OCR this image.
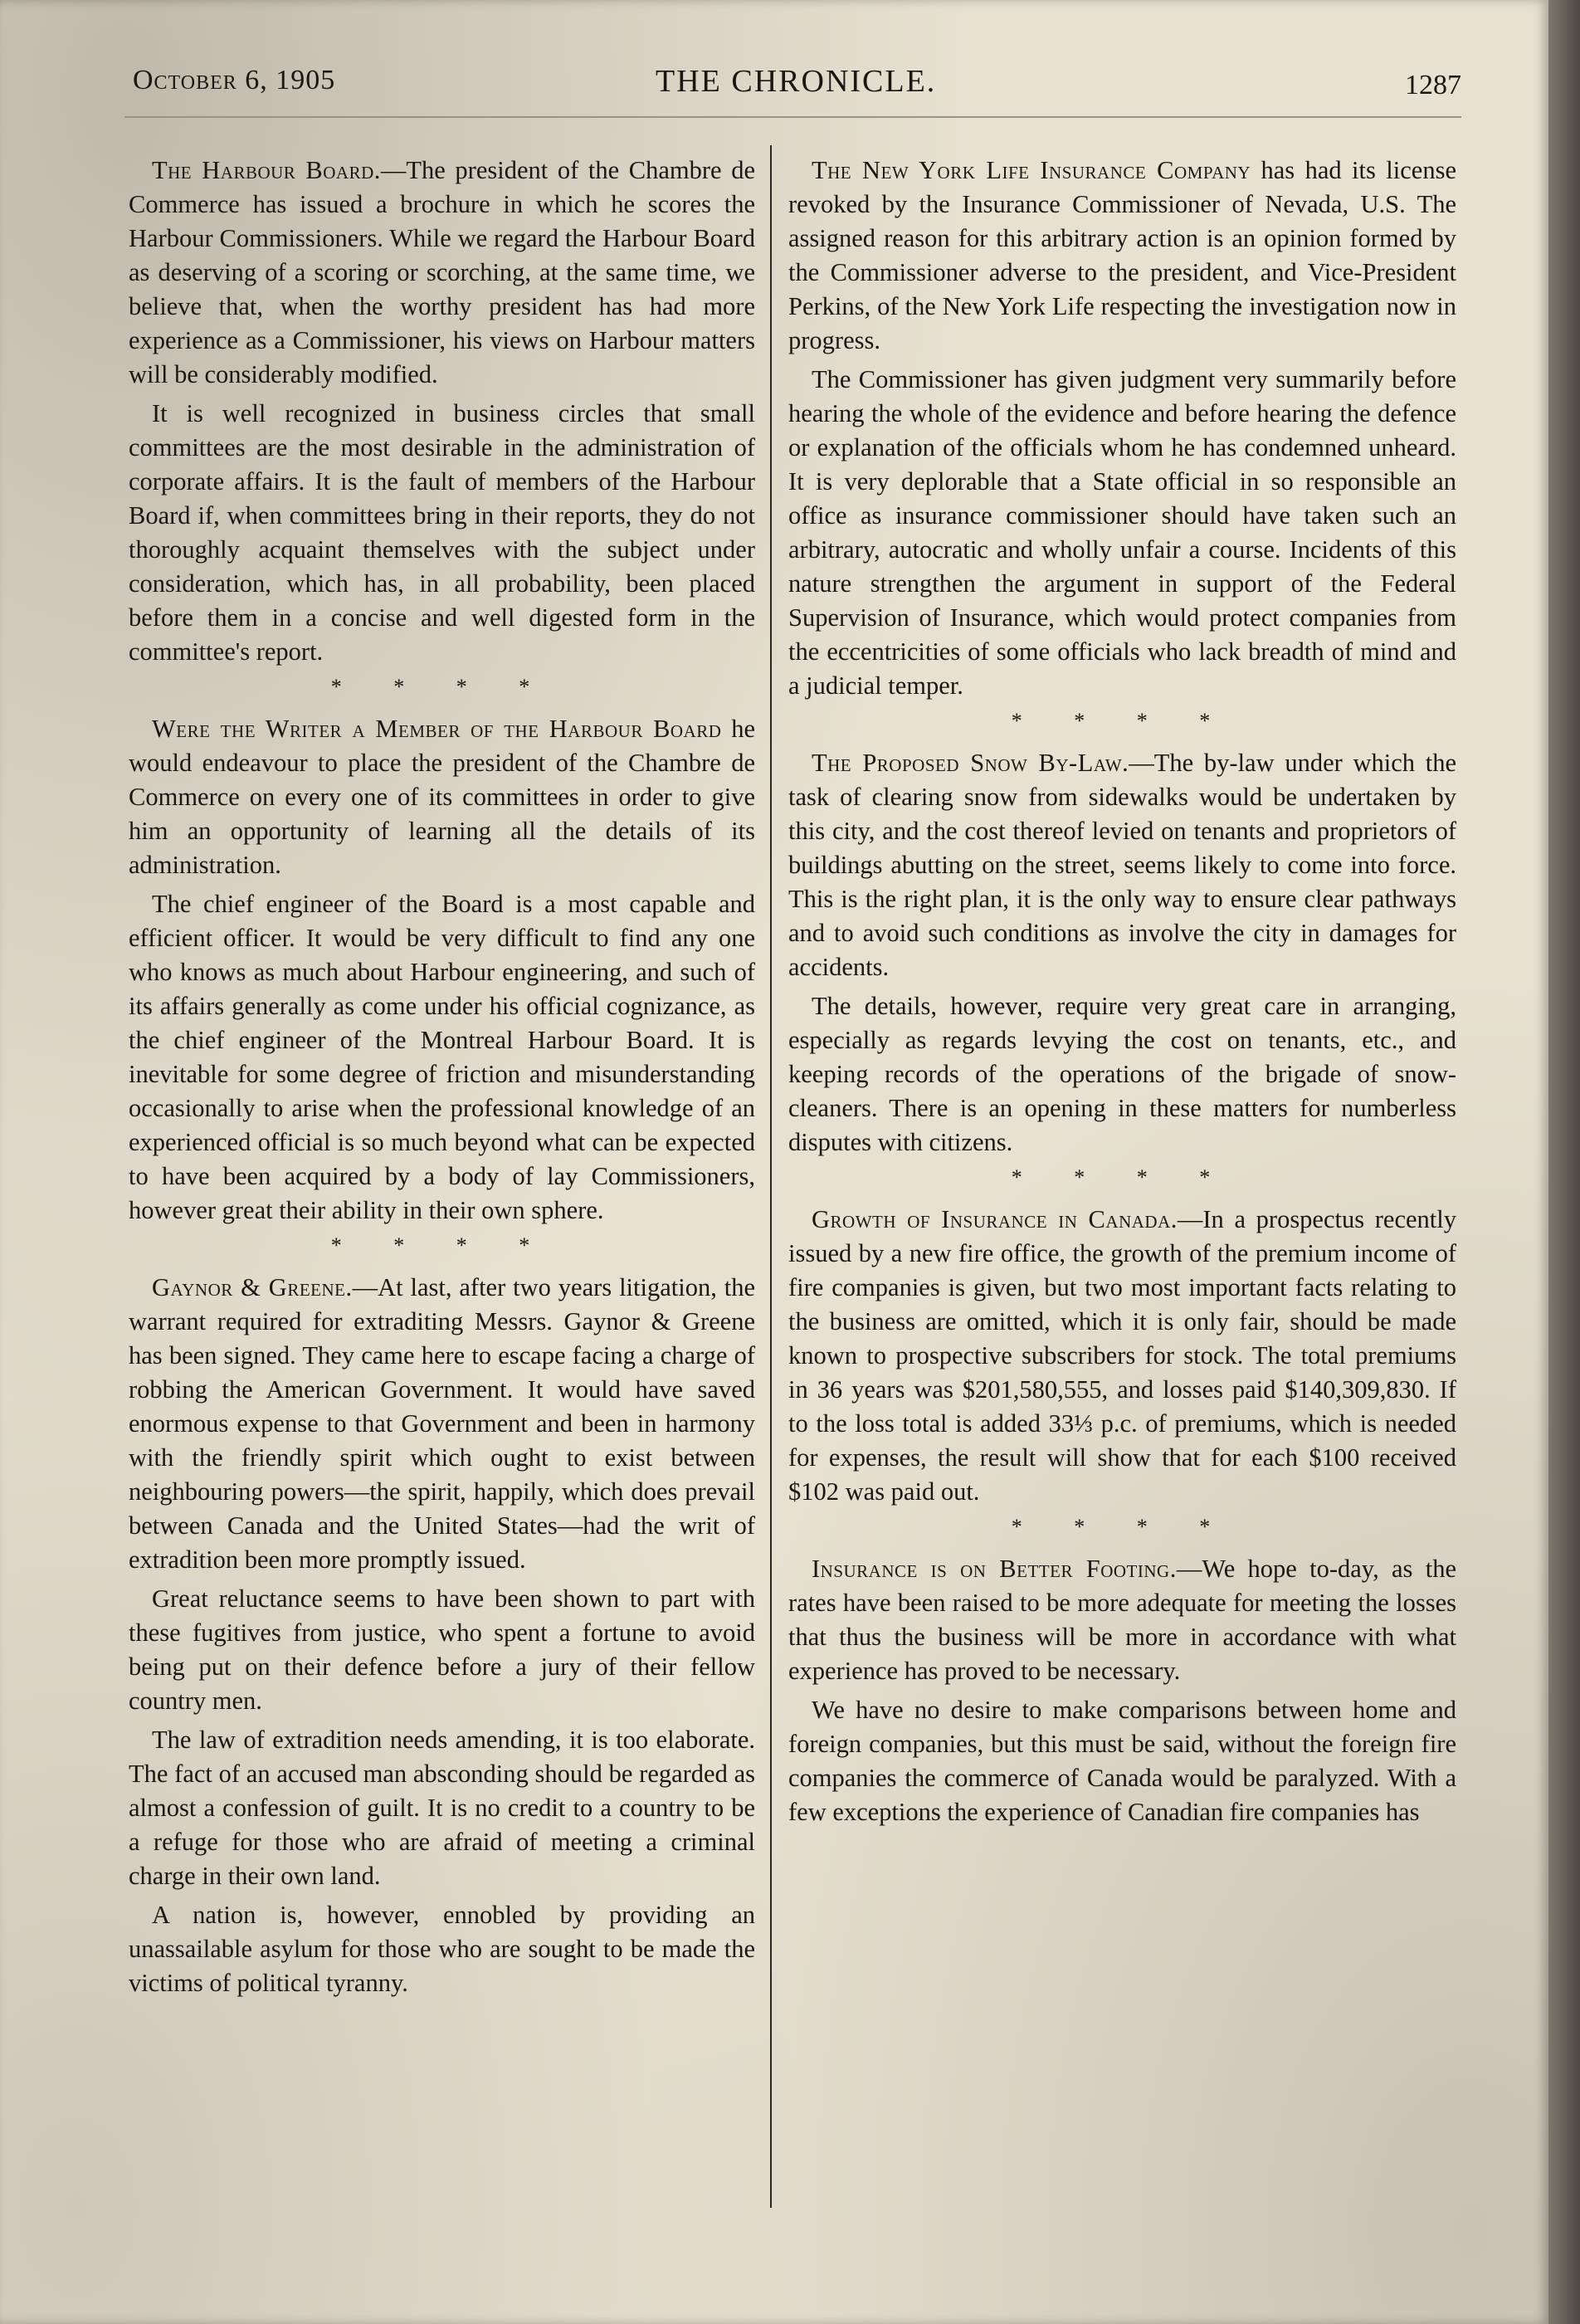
October 6, 1905	THE CHRONICLE.	1287

The Harbour Board.—The president of the Chambre de Commerce has issued a brochure in which he scores the Harbour Commissioners. While we regard the Harbour Board as deserving of a scoring or scorching, at the same time, we believe that, when the worthy president has had more experience as a Commissioner, his views on Harbour matters will be considerably modified.

It is well recognized in business circles that small committees are the most desirable in the administration of corporate affairs. It is the fault of members of the Harbour Board if, when committees bring in their reports, they do not thoroughly acquaint themselves with the subject under consideration, which has, in all probability, been placed before them in a concise and well digested form in the committee's report.

* * * *

Were the Writer a Member of the Harbour Board he would endeavour to place the president of the Chambre de Commerce on every one of its committees in order to give him an opportunity of learning all the details of its administration.

The chief engineer of the Board is a most capable and efficient officer. It would be very difficult to find any one who knows as much about Harbour engineering, and such of its affairs generally as come under his official cognizance, as the chief engineer of the Montreal Harbour Board. It is inevitable for some degree of friction and misunderstanding occasionally to arise when the professional knowledge of an experienced official is so much beyond what can be expected to have been acquired by a body of lay Commissioners, however great their ability in their own sphere.

* * * *

Gaynor & Greene.—At last, after two years litigation, the warrant required for extraditing Messrs. Gaynor & Greene has been signed. They came here to escape facing a charge of robbing the American Government. It would have saved enormous expense to that Government and been in harmony with the friendly spirit which ought to exist between neighbouring powers—the spirit, happily, which does prevail between Canada and the United States—had the writ of extradition been more promptly issued.

Great reluctance seems to have been shown to part with these fugitives from justice, who spent a fortune to avoid being put on their defence before a jury of their fellow country men.

The law of extradition needs amending, it is too elaborate. The fact of an accused man absconding should be regarded as almost a confession of guilt. It is no credit to a country to be a refuge for those who are afraid of meeting a criminal charge in their own land.

A nation is, however, ennobled by providing an unassailable asylum for those who are sought to be made the victims of political tyranny.

The New York Life Insurance Company has had its license revoked by the Insurance Commissioner of Nevada, U.S. The assigned reason for this arbitrary action is an opinion formed by the Commissioner adverse to the president, and Vice-President Perkins, of the New York Life respecting the investigation now in progress.

The Commissioner has given judgment very summarily before hearing the whole of the evidence and before hearing the defence or explanation of the officials whom he has condemned unheard. It is very deplorable that a State official in so responsible an office as insurance commissioner should have taken such an arbitrary, autocratic and wholly unfair a course. Incidents of this nature strengthen the argument in support of the Federal Supervision of Insurance, which would protect companies from the eccentricities of some officials who lack breadth of mind and a judicial temper.

* * * *

The Proposed Snow By-Law.—The by-law under which the task of clearing snow from sidewalks would be undertaken by this city, and the cost thereof levied on tenants and proprietors of buildings abutting on the street, seems likely to come into force. This is the right plan, it is the only way to ensure clear pathways and to avoid such conditions as involve the city in damages for accidents.

The details, however, require very great care in arranging, especially as regards levying the cost on tenants, etc., and keeping records of the operations of the brigade of snow-cleaners. There is an opening in these matters for numberless disputes with citizens.

* * * *

Growth of Insurance in Canada.—In a prospectus recently issued by a new fire office, the growth of the premium income of fire companies is given, but two most important facts relating to the business are omitted, which it is only fair, should be made known to prospective subscribers for stock. The total premiums in 36 years was $201,580,555, and losses paid $140,309,830. If to the loss total is added 33⅓ p.c. of premiums, which is needed for expenses, the result will show that for each $100 received $102 was paid out.

* * * *

Insurance is on Better Footing.—We hope to-day, as the rates have been raised to be more adequate for meeting the losses that thus the business will be more in accordance with what experience has proved to be necessary.

We have no desire to make comparisons between home and foreign companies, but this must be said, without the foreign fire companies the commerce of Canada would be paralyzed. With a few exceptions the experience of Canadian fire companies has
